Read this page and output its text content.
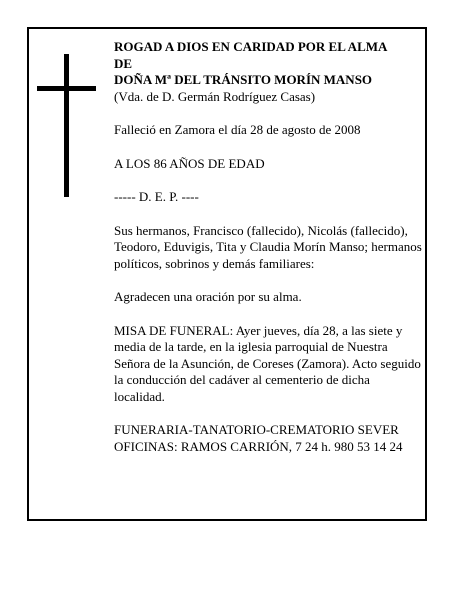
ROGAD A DIOS EN CARIDAD POR EL ALMA

DE

DOÑA Mª DEL TRÁNSITO MORÍN MANSO

(Vda. de D. Germán Rodríguez Casas)

Falleció en Zamora el día 28 de agosto de 2008

A LOS 86 AÑOS DE EDAD

----- D. E. P. ----

Sus hermanos, Francisco (fallecido), Nicolás (fallecido), Teodoro, Eduvigis, Tita y Claudia Morín Manso; hermanos políticos, sobrinos y demás familiares:

Agradecen una oración por su alma.

MISA DE FUNERAL: Ayer jueves, día 28, a las siete y media de la tarde, en la iglesia parroquial de Nuestra Señora de la Asunción, de Coreses (Zamora). Acto seguido la conducción del cadáver al cementerio de dicha localidad.

FUNERARIA-TANATORIO-CREMATORIO SEVER

OFICINAS: RAMOS CARRIÓN, 7 24 h. 980 53 14 24
